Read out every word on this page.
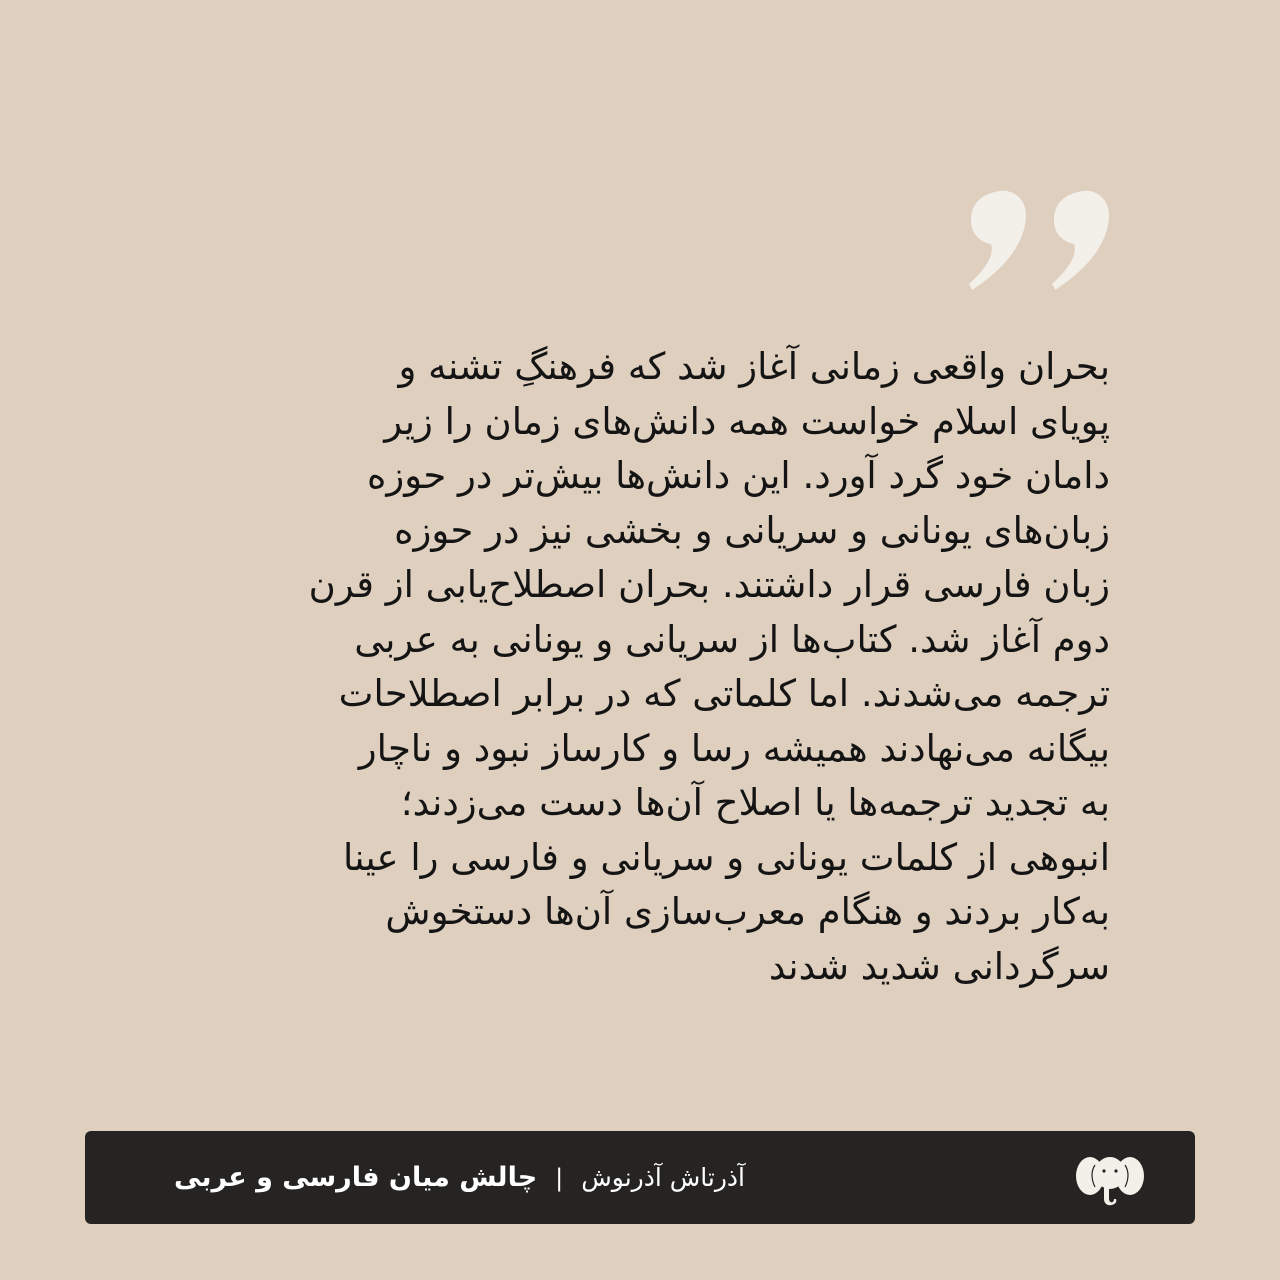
بحران واقعی زمانی آغاز شد که فرهنگِ تشنه و
پویای اسلام خواست همه دانش‌های زمان را زیر
دامان خود گرد آورد. این دانش‌ها بیش‌تر در حوزه
زبان‌های یونانی و سریانی و بخشی نیز در حوزه
زبان فارسی قرار داشتند. بحران اصطلاح‌یابی از قرن
دوم آغاز شد. کتاب‌ها از سریانی و یونانی به عربی
ترجمه می‌شدند. اما کلماتی که در برابر اصطلاحات
بیگانه می‌نهادند همیشه رسا و کارساز نبود و ناچار
به تجدید ترجمه‌ها یا اصلاح آن‌ها دست می‌زدند؛
انبوهی از کلمات یونانی و سریانی و فارسی را عینا
به‌کار بردند و هنگام معرب‌سازی آن‌ها دستخوش
سرگردانی شدید شدند
چالش میان فارسی و عربی | آذرتاش آذرنوش
